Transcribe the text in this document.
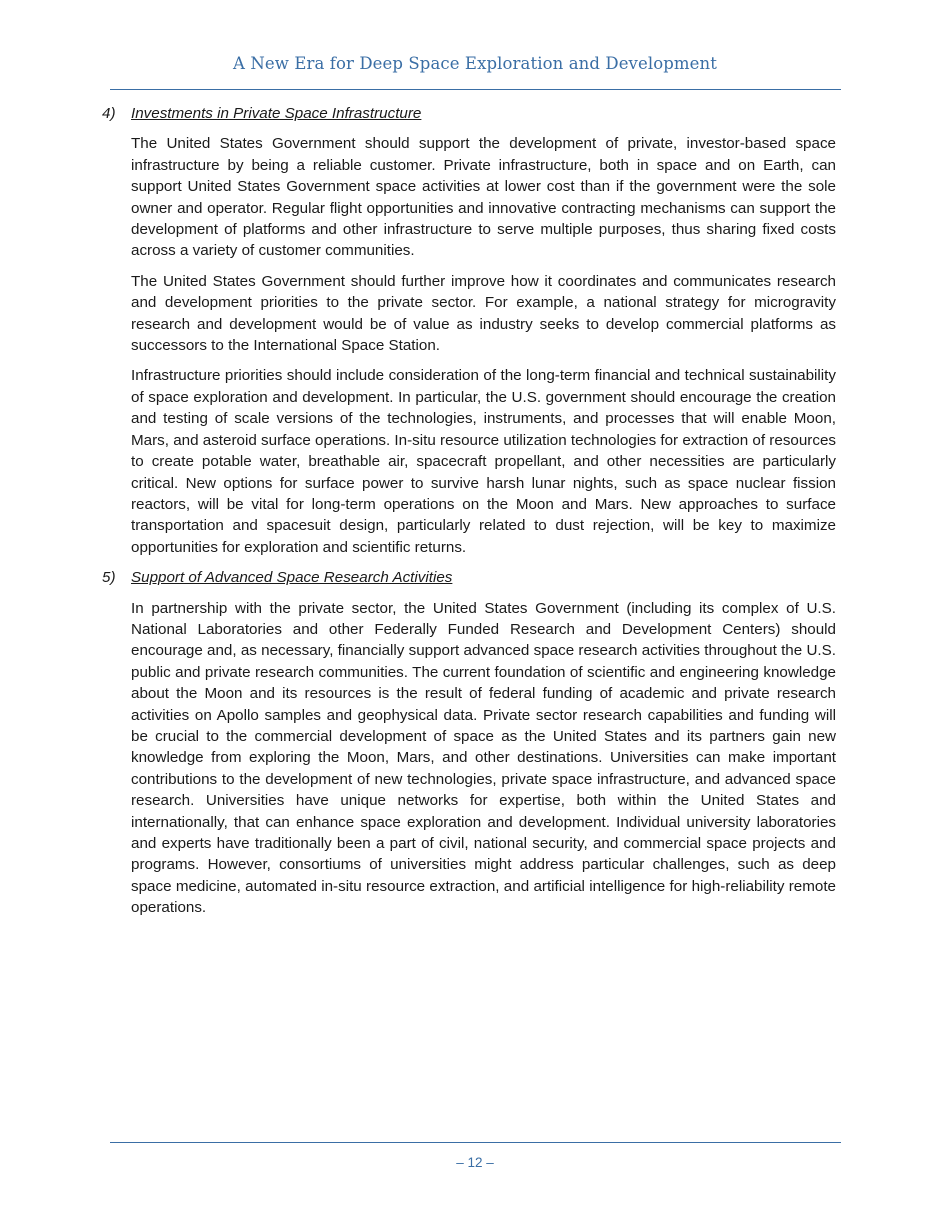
A New Era for Deep Space Exploration and Development
4)	Investments in Private Space Infrastructure

The United States Government should support the development of private, investor-based space infrastructure by being a reliable customer. Private infrastructure, both in space and on Earth, can support United States Government space activities at lower cost than if the government were the sole owner and operator. Regular flight opportunities and innovative contracting mechanisms can support the development of platforms and other infrastructure to serve multiple purposes, thus sharing fixed costs across a variety of customer communities.

The United States Government should further improve how it coordinates and communicates research and development priorities to the private sector. For example, a national strategy for microgravity research and development would be of value as industry seeks to develop commercial platforms as successors to the International Space Station.

Infrastructure priorities should include consideration of the long-term financial and technical sustainability of space exploration and development. In particular, the U.S. government should encourage the creation and testing of scale versions of the technologies, instruments, and processes that will enable Moon, Mars, and asteroid surface operations. In-situ resource utilization technologies for extraction of resources to create potable water, breathable air, spacecraft propellant, and other necessities are particularly critical. New options for surface power to survive harsh lunar nights, such as space nuclear fission reactors, will be vital for long-term operations on the Moon and Mars. New approaches to surface transportation and spacesuit design, particularly related to dust rejection, will be key to maximize opportunities for exploration and scientific returns.

5)	Support of Advanced Space Research Activities

In partnership with the private sector, the United States Government (including its complex of U.S. National Laboratories and other Federally Funded Research and Development Centers) should encourage and, as necessary, financially support advanced space research activities throughout the U.S. public and private research communities. The current foundation of scientific and engineering knowledge about the Moon and its resources is the result of federal funding of academic and private research activities on Apollo samples and geophysical data. Private sector research capabilities and funding will be crucial to the commercial development of space as the United States and its partners gain new knowledge from exploring the Moon, Mars, and other destinations. Universities can make important contributions to the development of new technologies, private space infrastructure, and advanced space research. Universities have unique networks for expertise, both within the United States and internationally, that can enhance space exploration and development. Individual university laboratories and experts have traditionally been a part of civil, national security, and commercial space projects and programs. However, consortiums of universities might address particular challenges, such as deep space medicine, automated in-situ resource extraction, and artificial intelligence for high-reliability remote operations.

– 12 –
